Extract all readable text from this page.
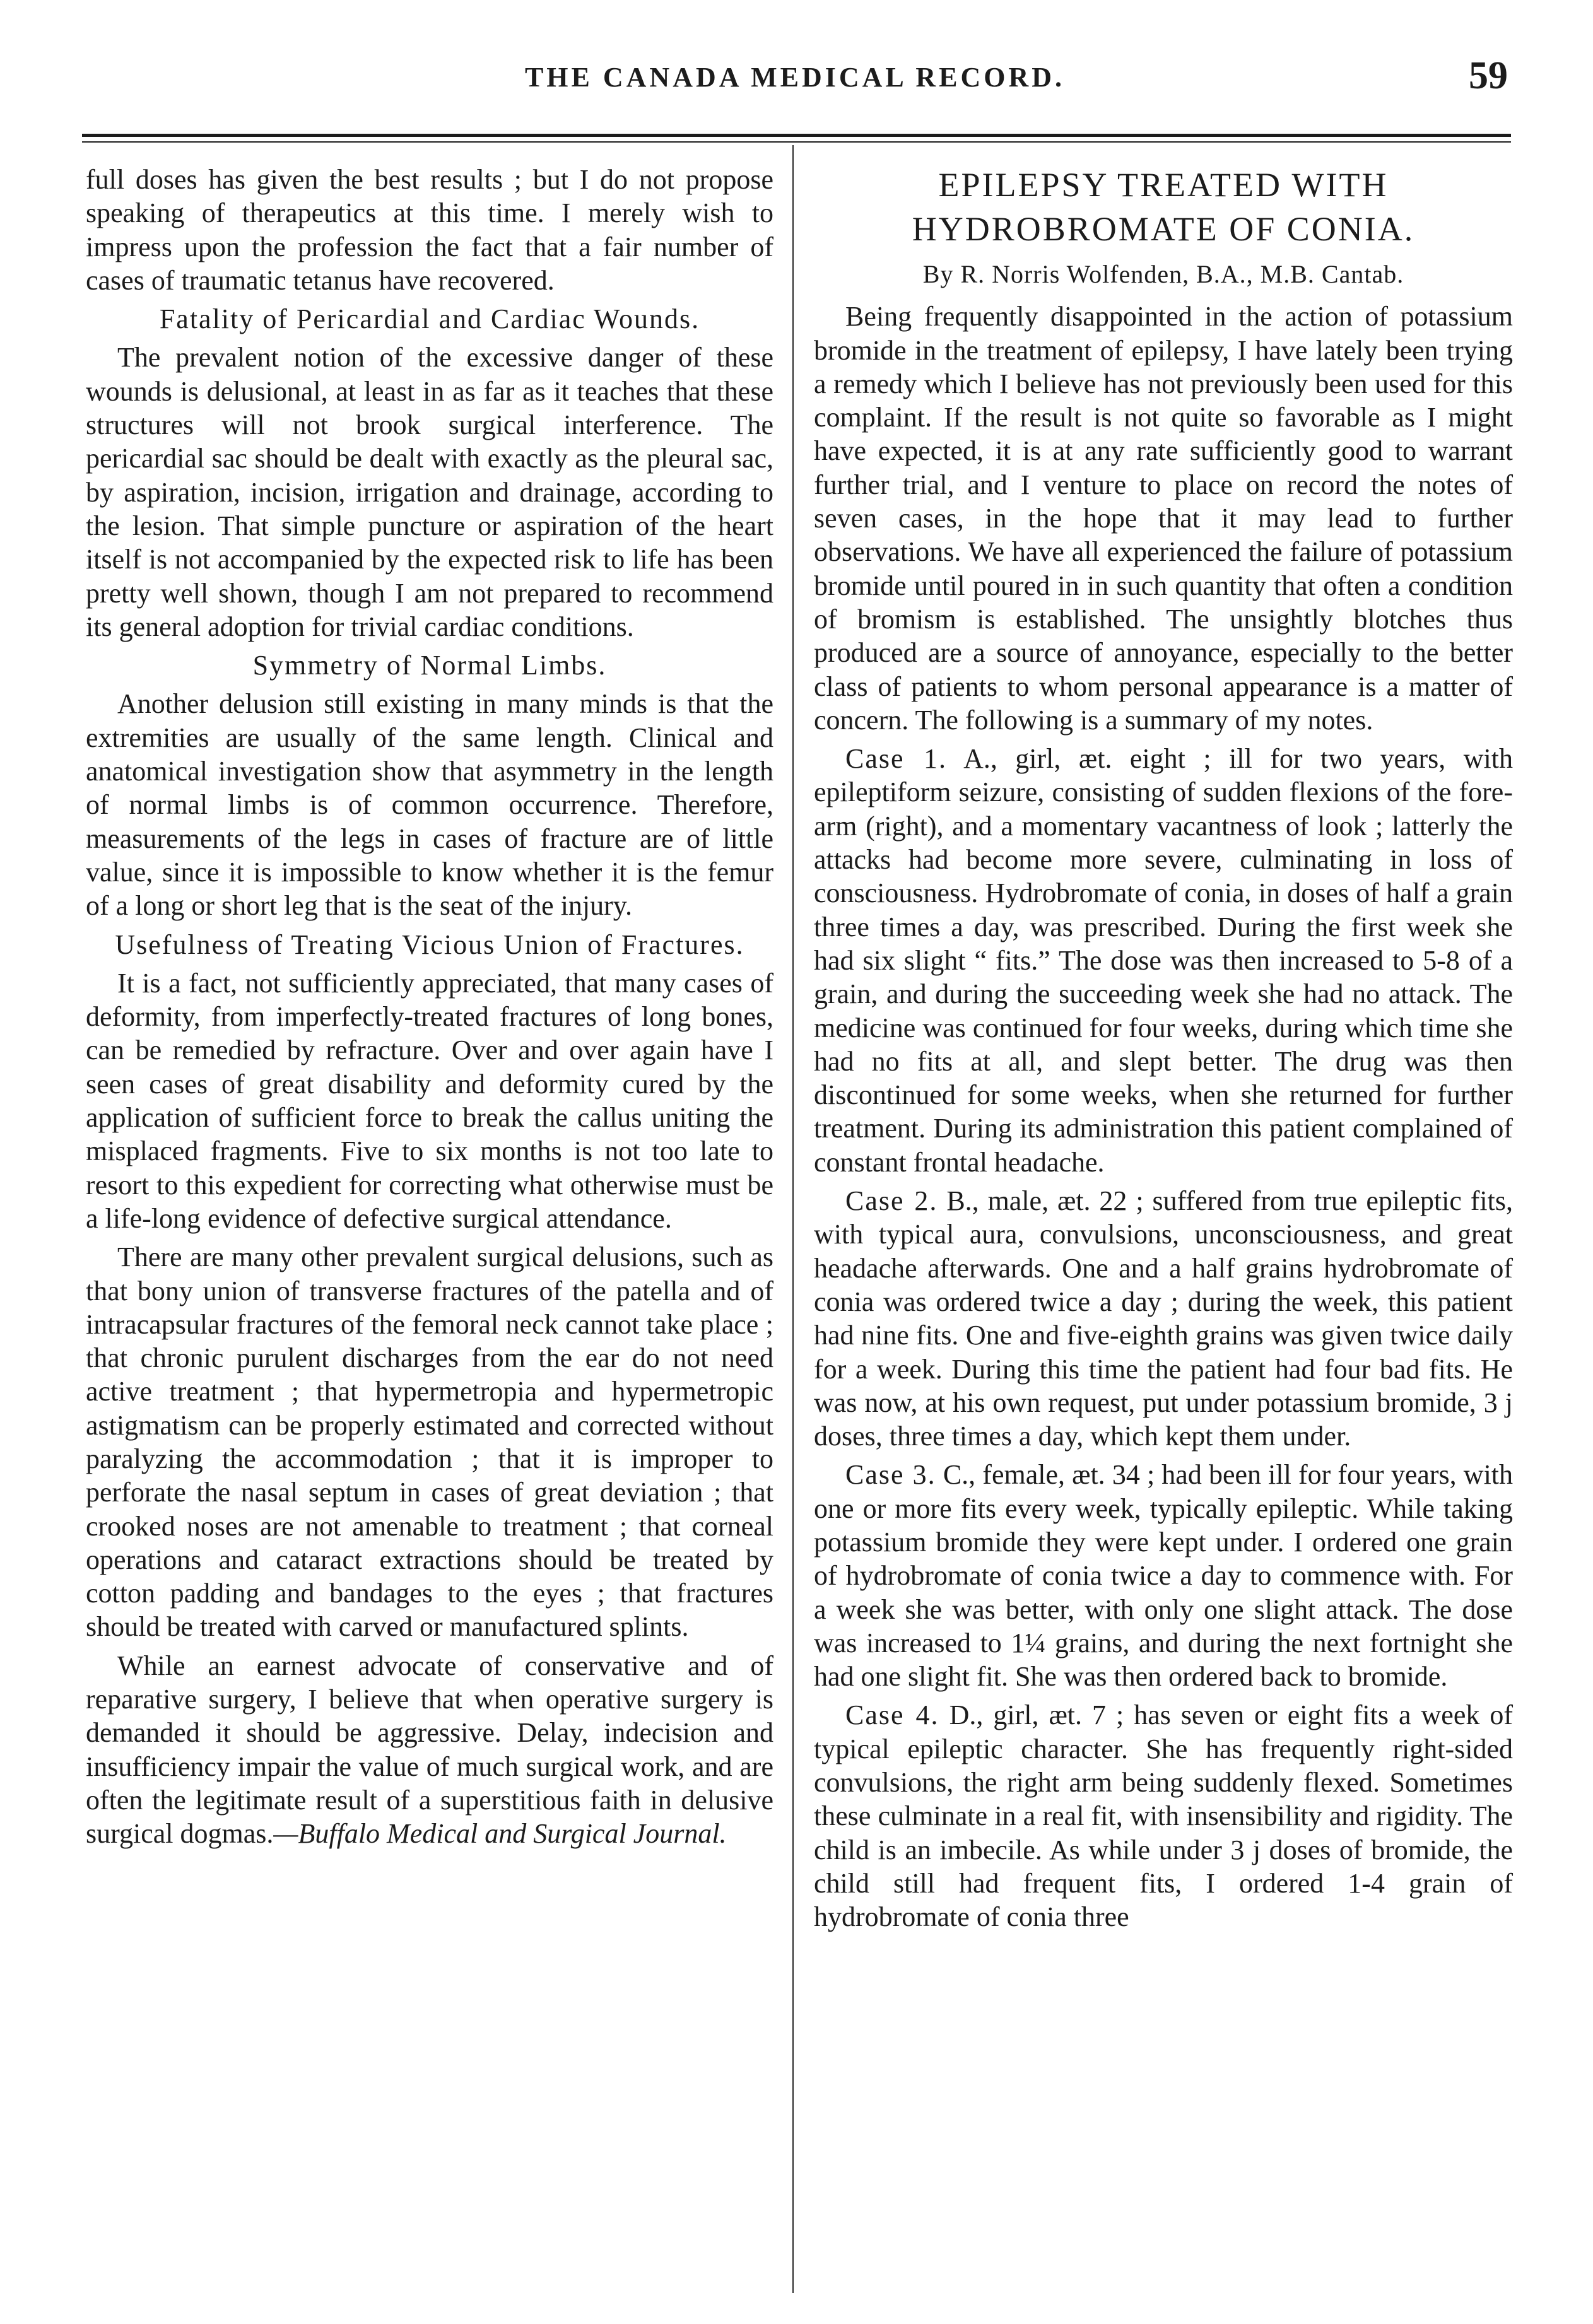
THE CANADA MEDICAL RECORD.	59

full doses has given the best results ; but I do not propose speaking of therapeutics at this time. I merely wish to impress upon the profession the fact that a fair number of cases of traumatic tetanus have recovered.

Fatality of Pericardial and Cardiac Wounds.

The prevalent notion of the excessive danger of these wounds is delusional, at least in as far as it teaches that these structures will not brook surgical interference. The pericardial sac should be dealt with exactly as the pleural sac, by aspiration, incision, irrigation and drainage, according to the lesion. That simple puncture or aspiration of the heart itself is not accompanied by the expected risk to life has been pretty well shown, though I am not prepared to recommend its general adoption for trivial cardiac conditions.

Symmetry of Normal Limbs.

Another delusion still existing in many minds is that the extremities are usually of the same length. Clinical and anatomical investigation show that asymmetry in the length of normal limbs is of common occurrence. Therefore, measurements of the legs in cases of fracture are of little value, since it is impossible to know whether it is the femur of a long or short leg that is the seat of the injury.

Usefulness of Treating Vicious Union of Fractures.

It is a fact, not sufficiently appreciated, that many cases of deformity, from imperfectly-treated fractures of long bones, can be remedied by refracture. Over and over again have I seen cases of great disability and deformity cured by the application of sufficient force to break the callus uniting the misplaced fragments. Five to six months is not too late to resort to this expedient for correcting what otherwise must be a life-long evidence of defective surgical attendance.

There are many other prevalent surgical delusions, such as that bony union of transverse fractures of the patella and of intracapsular fractures of the femoral neck cannot take place ; that chronic purulent discharges from the ear do not need active treatment ; that hypermetropia and hypermetropic astigmatism can be properly estimated and corrected without paralyzing the accommodation ; that it is improper to perforate the nasal septum in cases of great deviation ; that crooked noses are not amenable to treatment ; that corneal operations and cataract extractions should be treated by cotton padding and bandages to the eyes ; that fractures should be treated with carved or manufactured splints.

While an earnest advocate of conservative and of reparative surgery, I believe that when operative surgery is demanded it should be aggressive. Delay, indecision and insufficiency impair the value of much surgical work, and are often the legitimate result of a superstitious faith in delusive surgical dogmas.—Buffalo Medical and Surgical Journal.

EPILEPSY TREATED WITH HYDROBROMATE OF CONIA.
By R. Norris Wolfenden, B.A., M.B. Cantab.

Being frequently disappointed in the action of potassium bromide in the treatment of epilepsy, I have lately been trying a remedy which I believe has not previously been used for this complaint. If the result is not quite so favorable as I might have expected, it is at any rate sufficiently good to warrant further trial, and I venture to place on record the notes of seven cases, in the hope that it may lead to further observations. We have all experienced the failure of potassium bromide until poured in in such quantity that often a condition of bromism is established. The unsightly blotches thus produced are a source of annoyance, especially to the better class of patients to whom personal appearance is a matter of concern. The following is a summary of my notes.

Case 1. A., girl, æt. eight ; ill for two years, with epileptiform seizure, consisting of sudden flexions of the fore-arm (right), and a momentary vacantness of look ; latterly the attacks had become more severe, culminating in loss of consciousness. Hydrobromate of conia, in doses of half a grain three times a day, was prescribed. During the first week she had six slight “ fits.” The dose was then increased to 5-8 of a grain, and during the succeeding week she had no attack. The medicine was continued for four weeks, during which time she had no fits at all, and slept better. The drug was then discontinued for some weeks, when she returned for further treatment. During its administration this patient complained of constant frontal headache.

Case 2. B., male, æt. 22 ; suffered from true epileptic fits, with typical aura, convulsions, unconsciousness, and great headache afterwards. One and a half grains hydrobromate of conia was ordered twice a day ; during the week, this patient had nine fits. One and five-eighth grains was given twice daily for a week. During this time the patient had four bad fits. He was now, at his own request, put under potassium bromide, 3 j doses, three times a day, which kept them under.

Case 3. C., female, æt. 34 ; had been ill for four years, with one or more fits every week, typically epileptic. While taking potassium bromide they were kept under. I ordered one grain of hydrobromate of conia twice a day to commence with. For a week she was better, with only one slight attack. The dose was increased to 1¼ grains, and during the next fortnight she had one slight fit. She was then ordered back to bromide.

Case 4. D., girl, æt. 7 ; has seven or eight fits a week of typical epileptic character. She has frequently right-sided convulsions, the right arm being suddenly flexed. Sometimes these culminate in a real fit, with insensibility and rigidity. The child is an imbecile. As while under 3 j doses of bromide, the child still had frequent fits, I ordered 1-4 grain of hydrobromate of conia three
